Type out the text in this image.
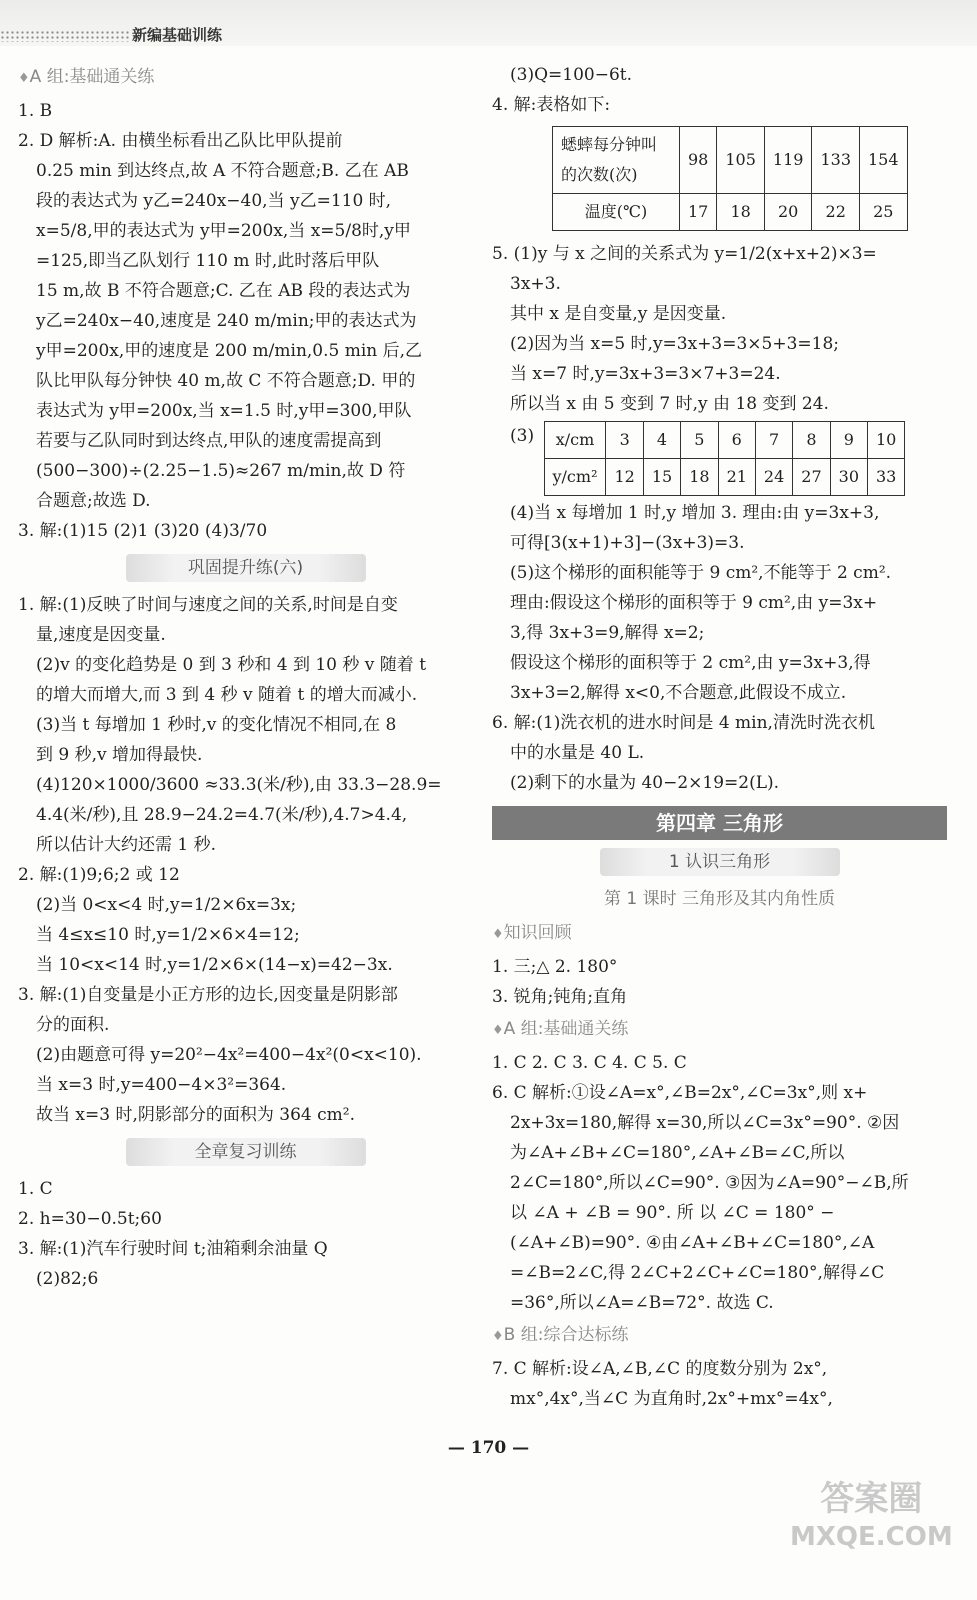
新编基础训练

♦ A 组:基础通关练

1. B

2. D 解析:A. 由横坐标看出乙队比甲队提前

0.25 min 到达终点,故 A 不符合题意;B. 乙在 AB

段的表达式为 y乙=240x−40,当 y乙=110 时,

x=5/8,甲的表达式为 y甲=200x,当 x=5/8时,y甲

=125,即当乙队划行 110 m 时,此时落后甲队

15 m,故 B 不符合题意;C. 乙在 AB 段的表达式为

y乙=240x−40,速度是 240 m/min;甲的表达式为

y甲=200x,甲的速度是 200 m/min,0.5 min 后,乙

队比甲队每分钟快 40 m,故 C 不符合题意;D. 甲的

表达式为 y甲=200x,当 x=1.5 时,y甲=300,甲队

若要与乙队同时到达终点,甲队的速度需提高到

(500−300)÷(2.25−1.5)≈267 m/min,故 D 符

合题意;故选 D.

3. 解:(1)15 (2)1 (3)20 (4)3/70

巩固提升练(六)

1. 解:(1)反映了时间与速度之间的关系,时间是自变

量,速度是因变量.

(2)v 的变化趋势是 0 到 3 秒和 4 到 10 秒 v 随着 t

的增大而增大,而 3 到 4 秒 v 随着 t 的增大而减小.

(3)当 t 每增加 1 秒时,v 的变化情况不相同,在 8

到 9 秒,v 增加得最快.

(4)120×1000/3600 ≈33.3(米/秒),由 33.3−28.9=

4.4(米/秒),且 28.9−24.2=4.7(米/秒),4.7>4.4,

所以估计大约还需 1 秒.

2. 解:(1)9;6;2 或 12

(2)当 0<x<4 时,y=1/2×6x=3x;

当 4≤x≤10 时,y=1/2×6×4=12;

当 10<x<14 时,y=1/2×6×(14−x)=42−3x.

3. 解:(1)自变量是小正方形的边长,因变量是阴影部

分的面积.

(2)由题意可得 y=20²−4x²=400−4x²(0<x<10).

当 x=3 时,y=400−4×3²=364.

故当 x=3 时,阴影部分的面积为 364 cm².

全章复习训练

1. C

2. h=30−0.5t;60

3. 解:(1)汽车行驶时间 t;油箱剩余油量 Q

(2)82;6

(3)Q=100−6t.

4. 解:表格如下:

蟋蟀每分钟叫的次数(次)	98	105	119	133	154
温度(℃)	17	18	20	22	25

5. (1)y 与 x 之间的关系式为 y=1/2(x+x+2)×3=

3x+3.

其中 x 是自变量,y 是因变量.

(2)因为当 x=5 时,y=3x+3=3×5+3=18;

当 x=7 时,y=3x+3=3×7+3=24.

所以当 x 由 5 变到 7 时,y 由 18 变到 24.

(3) x/cm	3	4	5	6	7	8	9	10
y/cm²	12	15	18	21	24	27	30	33

(4)当 x 每增加 1 时,y 增加 3. 理由:由 y=3x+3,

可得[3(x+1)+3]−(3x+3)=3.

(5)这个梯形的面积能等于 9 cm²,不能等于 2 cm².

理由:假设这个梯形的面积等于 9 cm²,由 y=3x+

3,得 3x+3=9,解得 x=2;

假设这个梯形的面积等于 2 cm²,由 y=3x+3,得

3x+3=2,解得 x<0,不合题意,此假设不成立.

6. 解:(1)洗衣机的进水时间是 4 min,清洗时洗衣机

中的水量是 40 L.

(2)剩下的水量为 40−2×19=2(L).

第四章 三角形
1 认识三角形
第 1 课时 三角形及其内角性质

♦ 知识回顾

1. 三;△ 2. 180°

3. 锐角;钝角;直角

♦ A 组:基础通关练

1. C 2. C 3. C 4. C 5. C

6. C 解析:①设∠A=x°,∠B=2x°,∠C=3x°,则 x+

2x+3x=180,解得 x=30,所以∠C=3x°=90°. ②因

为∠A+∠B+∠C=180°,∠A+∠B=∠C,所以

2∠C=180°,所以∠C=90°. ③因为∠A=90°−∠B,所

以 ∠A + ∠B = 90°. 所 以 ∠C = 180° −

(∠A+∠B)=90°. ④由∠A+∠B+∠C=180°,∠A

=∠B=2∠C,得 2∠C+2∠C+∠C=180°,解得∠C

=36°,所以∠A=∠B=72°. 故选 C.

♦ B 组:综合达标练

7. C 解析:设∠A,∠B,∠C 的度数分别为 2x°,

mx°,4x°,当∠C 为直角时,2x°+mx°=4x°,

— 170 —
答案圈
MXQE.COM
